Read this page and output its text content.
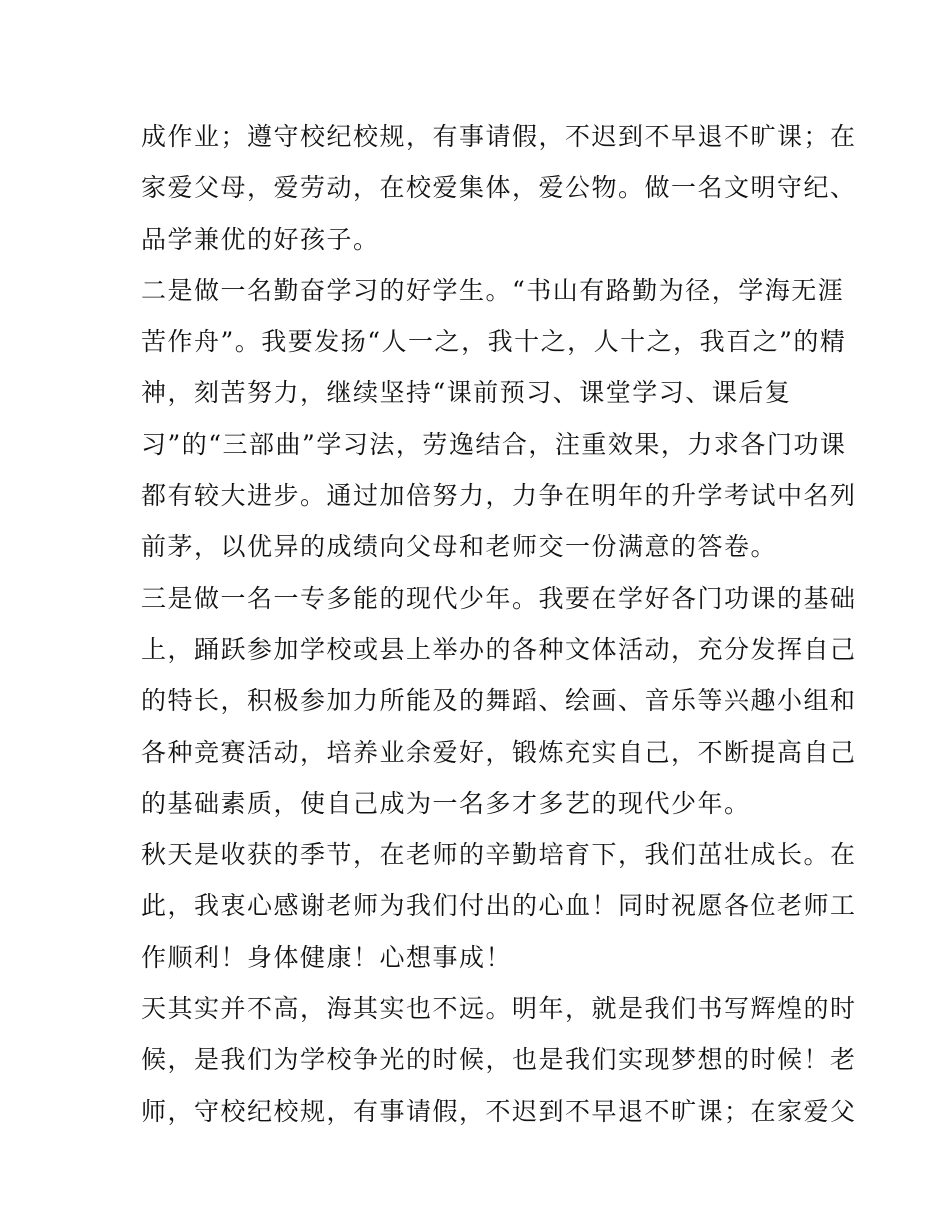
成作业；遵守校纪校规，有事请假，不迟到不早退不旷课；在
家爱父母，爱劳动，在校爱集体，爱公物。做一名文明守纪、
品学兼优的好孩子。
二是做一名勤奋学习的好学生。“书山有路勤为径，学海无涯
苦作舟”。我要发扬“人一之，我十之，人十之，我百之”的精
神，刻苦努力，继续坚持“课前预习、课堂学习、课后复
习”的“三部曲”学习法，劳逸结合，注重效果，力求各门功课
都有较大进步。通过加倍努力，力争在明年的升学考试中名列
前茅，以优异的成绩向父母和老师交一份满意的答卷。
三是做一名一专多能的现代少年。我要在学好各门功课的基础
上，踊跃参加学校或县上举办的各种文体活动，充分发挥自己
的特长，积极参加力所能及的舞蹈、绘画、音乐等兴趣小组和
各种竞赛活动，培养业余爱好，锻炼充实自己，不断提高自己
的基础素质，使自己成为一名多才多艺的现代少年。
秋天是收获的季节，在老师的辛勤培育下，我们茁壮成长。在
此，我衷心感谢老师为我们付出的心血！同时祝愿各位老师工
作顺利！身体健康！心想事成！
天其实并不高，海其实也不远。明年，就是我们书写辉煌的时
候，是我们为学校争光的时候，也是我们实现梦想的时候！老
师，守校纪校规，有事请假，不迟到不早退不旷课；在家爱父
